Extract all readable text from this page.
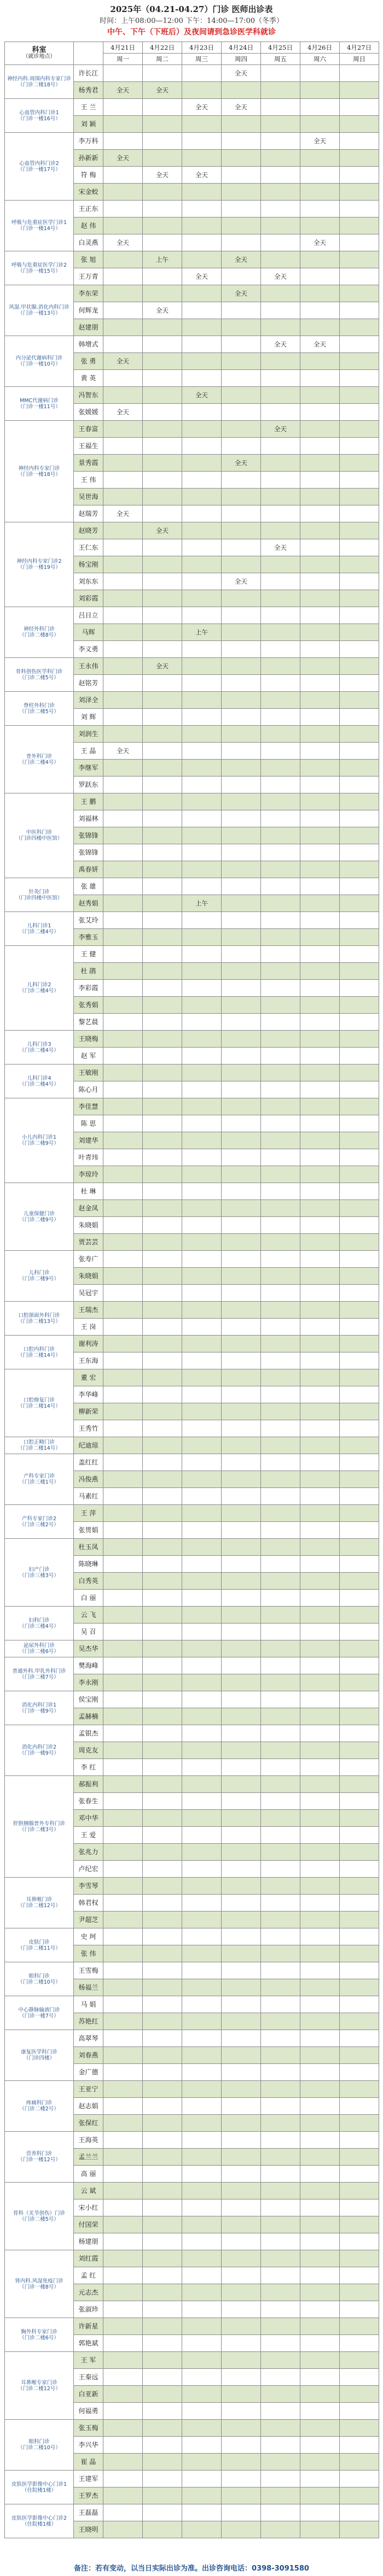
2025年（04.21-04.27）门诊 医师出诊表
时间：上午08:00—12:00 下午：14:00—17:00（冬季）
中午、下午（下班后）及夜间请到急诊医学科就诊
科室
（就诊地点）		4月21日	4月22日	4月23日	4月24日	4月25日	4月26日	4月27日
		周一	周二	周三	周四	周五	周六	周日

神经内科.周围内科专家门诊
（门诊二楼18号）	许长江				全天			
	杨秀君	全天	全天					

心血管内科门诊1
（门诊一楼16号）	王 兰			全天	全天			
	刘 颖							

心血管内科门诊2
（门诊一楼17号）	李万科						全天	
	孙新新	全天						
	符 梅		全天	全天				
	宋金蛟							

呼吸与危重症医学门诊1
（门诊一楼14号）	王正东							
	赵 伟							
	白灵燕	全天					全天	

呼吸与危重症医学门诊2
（门诊一楼15号）	张 旭		上午		全天			
	王万青			全天		全天		

风湿.甲状腺.消化内科门诊
（门诊一楼13号）	李东荣				全天			
	何辉龙		全天					
	赵建朋							

内分泌代谢病科门诊
（门诊一楼10号）	韩增式					全天	全天	
	张 勇	全天						
	黄 英							

MMC代谢病门诊
（门诊一楼11号）	冯智东			全天				
	张媛媛	全天						

神经内科专家门诊
（门诊一楼18号）	王春富					全天		
	王福生							
	景秀霞				全天			
	王 伟							
	吴世海							
	赵瑞芳	全天						

神经内科专家门诊2
（门诊一楼19号）	赵晓芳		全天					
	王仁东					全天		
	杨宝刚							
	刘东东				全天			
	刘彩霞							

神经外科门诊
（门诊二楼8号）	吕日立							
	马辉			上午				
	李义勇							

骨科创伤医学科门诊
（门诊二楼5号）	王永伟		全天					
	赵铭芳							

脊柱外科门诊
（门诊二楼5号）	刘泽全							
	刘 辉							

普外科门诊
（门诊二楼4号）	刘润生							
	王 晶	全天						
	李继军							
	罗跃东							

中医科门诊
（门诊四楼中医馆）	王 鹏							
	刘福林							
	张锦锋							
	张锦锋							
	禹春妍							

针灸门诊
（门诊四楼中医馆）	张 雄							
	赵秀娟			上午				

儿科门诊1
（门诊二楼4号）	张艾玲							
	李雅玉							

儿科门诊2
（门诊二楼4号）	王 健							
	杜 鹃							
	李彩霞							
	张秀娟							
	黎艺晨							

儿科门诊3
（门诊二楼4号）	王晓梅							
	赵 军							

儿科门诊4
（门诊二楼4号）	王敏刚							
	陈心月							

小儿内科门诊1
（门诊二楼9号）	李佳慧							
	陈 思							
	刘建华							
	叶青玮							
	李琼玲							

儿童保健门诊
（门诊二楼9号）	杜 琳							
	赵金凤							
	朱晓娟							
	贾芸芸							

儿科门诊
（门诊二楼9号）	张寿广							
	朱晓娟							
	吴冠宇							

口腔颌面外科门诊
（门诊二楼13号）	王瑞杰							
	王 岗							

口腔内科门诊
（门诊二楼14号）	谢利涛							
	王东海							

口腔修复门诊
（门诊二楼14号）	董 宏							
	李华峰							
	柳新荣							
	王秀竹							

口腔正畸门诊
（门诊二楼14号）	纪迪琼							

产科专家门诊
（门诊三楼1号）	盖红红							
	冯俊燕							
	马素红							

产科专家门诊2
（门诊三楼2号）	王 萍							
	张贯娟							

妇产门诊
（门诊三楼3号）	杜玉凤							
	陈晓琳							
	白秀英							
	白 丽							

妇科门诊
（门诊三楼4号）	云 飞							
	吴 召							

泌尿外科门诊
（门诊二楼6号）	吴杰华							

普通外科.甲乳外科门诊
（门诊二楼7号）	樊海峰							
	李永刚							

消化内科门诊1
（门诊一楼9号）	侯宝刚							
	孟赫楠							

消化内科门诊2
（门诊一楼9号）	孟银杰							
	周克友							
	李 红							

肝胆胰腺普外专科门诊
（门诊二楼3号）	郝振利							
	张春生							
	邓中华							
	王 爱							
	张兆力							
	卢纪宏							

耳鼻喉门诊
（门诊二楼12号）	李雪琴							
	韩君权							
	尹超芝							

皮肤门诊
（门诊二楼11号）	史 珂							
	张 伟							

眼科门诊
（门诊二楼10号）	王雪梅							
	杨福兰							

中心静脉输液门诊
（门诊一楼7号）	马 娟							
	苏艳红							

康复医学科门诊
（门诊四楼）	高翠琴							
	刘春燕							
	金广德							

疼痛科门诊
（门诊二楼2号）	王亚宁							
	赵志娟							
	张保红							

营养科门诊
（门诊一楼12号）	王海英							
	孟兰兰							
	高 丽							

骨科（关节创伤）门诊
（门诊二楼5号）	云 斌							
	宋小红							
	付国荣							
	杨建朋							

肾内科.风湿免疫门诊
（门诊一楼8号）	刘红霞							
	孟 红							
	元志杰							
	张淑珍							

胸外科专家门诊
（门诊二楼6号）	许新星							
	郭艳斌							

耳鼻喉专家门诊
（门诊二楼12号）	王 军							
	王秦远							
	白亚新							
	何福勇							

眼科门诊
（门诊二楼10号）	张玉梅							
	李兴华							
	崔 晶							

皮肤医学影像中心门诊1
（住院楼1楼）	王建军							
	王罗杰							

皮肤医学影像中心门诊2
（住院楼1楼）	王磊磊							
	王晓明							
备注：若有变动，以当日实际出诊为准。出诊咨询电话：0398-3091580
